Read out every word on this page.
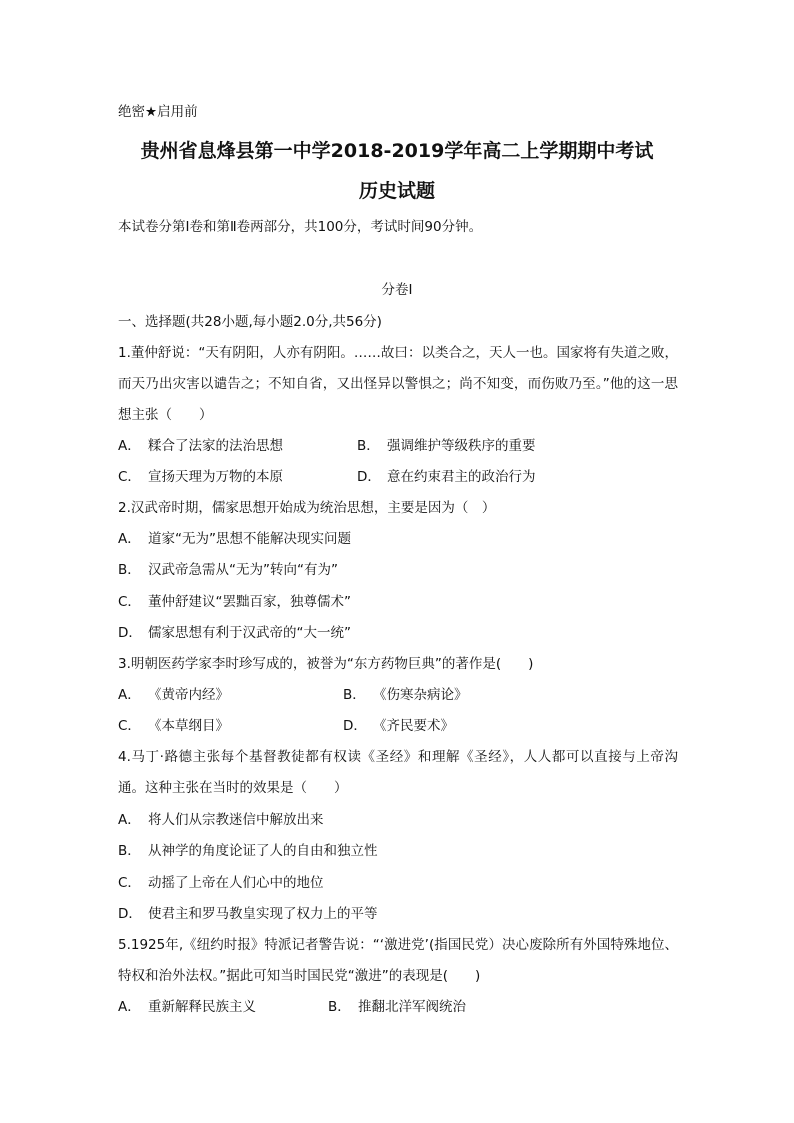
绝密★启用前
贵州省息烽县第一中学2018-2019学年高二上学期期中考试
历史试题
本试卷分第Ⅰ卷和第Ⅱ卷两部分，共100分，考试时间90分钟。
分卷I
一、选择题(共28小题,每小题2.0分,共56分)
1.董仲舒说：“天有阴阳，人亦有阴阳。……故曰：以类合之，天人一也。国家将有失道之败，而天乃出灾害以谴告之；不知自省，又出怪异以警惧之；尚不知变，而伤败乃至。”他的这一思想主张（　　）
A． 糅合了法家的法治思想	B． 强调维护等级秩序的重要
C． 宣扬天理为万物的本原	D． 意在约束君主的政治行为
2.汉武帝时期，儒家思想开始成为统治思想，主要是因为（　）
A． 道家“无为”思想不能解决现实问题
B． 汉武帝急需从“无为”转向“有为”
C． 董仲舒建议“罢黜百家，独尊儒术”
D． 儒家思想有利于汉武帝的“大一统”
3.明朝医药学家李时珍写成的，被誉为“东方药物巨典”的著作是(　　)
A． 《黄帝内经》	B． 《伤寒杂病论》
C． 《本草纲目》	D． 《齐民要术》
4.马丁·路德主张每个基督教徒都有权读《圣经》和理解《圣经》，人人都可以直接与上帝沟通。这种主张在当时的效果是（　　）
A． 将人们从宗教迷信中解放出来
B． 从神学的角度论证了人的自由和独立性
C． 动摇了上帝在人们心中的地位
D． 使君主和罗马教皇实现了权力上的平等
5.1925年,《纽约时报》特派记者警告说：“‘激进党’(指国民党）决心废除所有外国特殊地位、特权和治外法权。”据此可知当时国民党“激进”的表现是(　　)
A． 重新解释民族主义	B． 推翻北洋军阀统治
